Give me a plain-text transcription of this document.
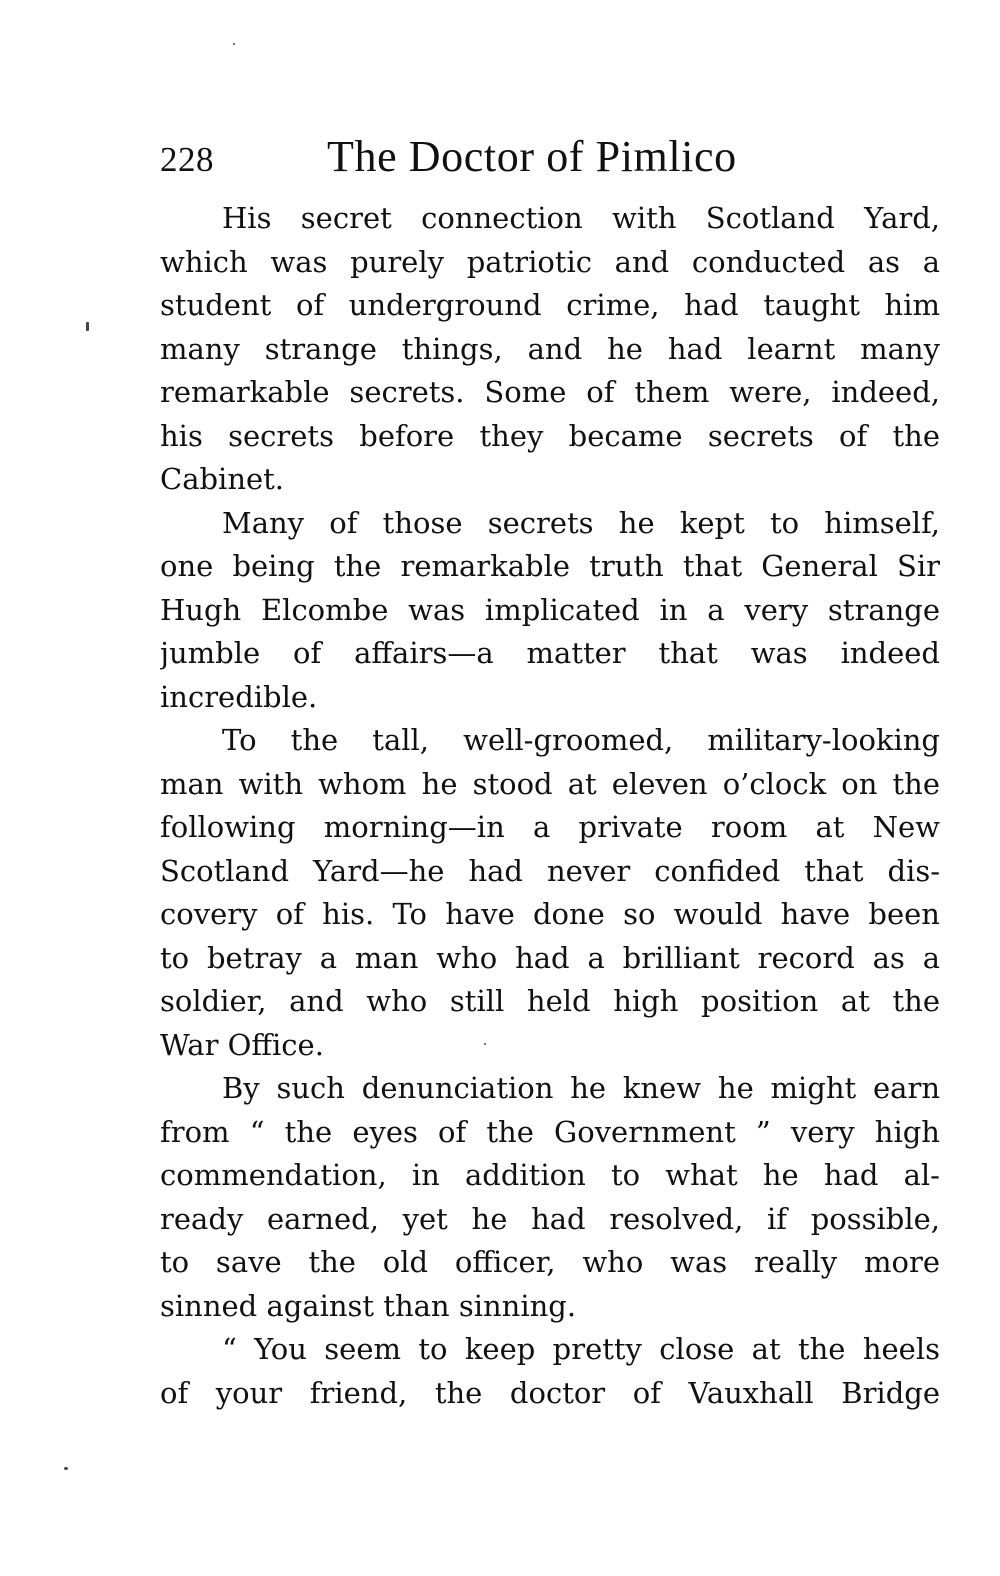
228	The Doctor of Pimlico

His secret connection with Scotland Yard,
which was purely patriotic and conducted as a
student of underground crime, had taught him
many strange things, and he had learnt many
remarkable secrets. Some of them were, indeed,
his secrets before they became secrets of the
Cabinet.

Many of those secrets he kept to himself,
one being the remarkable truth that General Sir
Hugh Elcombe was implicated in a very strange
jumble of affairs—a matter that was indeed
incredible.

To the tall, well-groomed, military-looking
man with whom he stood at eleven o’clock on the
following morning—in a private room at New
Scotland Yard—he had never confided that dis-
covery of his. To have done so would have been
to betray a man who had a brilliant record as a
soldier, and who still held high position at the
War Office.

By such denunciation he knew he might earn
from “ the eyes of the Government ” very high
commendation, in addition to what he had al-
ready earned, yet he had resolved, if possible,
to save the old officer, who was really more
sinned against than sinning.

“ You seem to keep pretty close at the heels
of your friend, the doctor of Vauxhall Bridge
